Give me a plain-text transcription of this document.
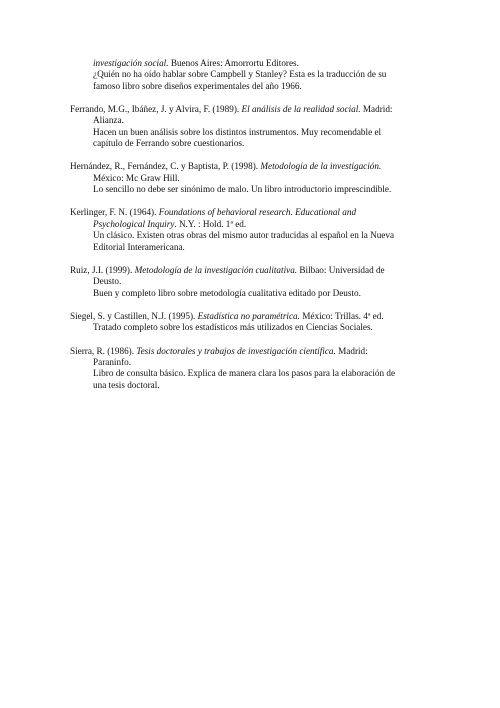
investigación social. Buenos Aires: Amorrortu Editores.
¿Quién no ha oído hablar sobre Campbell y Stanley? Esta es la traducción de su
famoso libro sobre diseños experimentales del año 1966.
Ferrando, M.G., Ibáñez, J. y Alvira, F. (1989). El análisis de la realidad social. Madrid:
Alianza.
Hacen un buen análisis sobre los distintos instrumentos. Muy recomendable el
capítulo de Ferrando sobre cuestionarios.
Hernández, R., Fernández, C. y Baptista, P. (1998). Metodología de la investigación.
México: Mc Graw Hill.
Lo sencillo no debe ser sinónimo de malo. Un libro introductorio imprescindible.
Kerlinger, F. N. (1964). Foundations of behavioral research. Educational and
Psychological Inquiry. N.Y. : Hold. 1ª ed.
Un clásico. Existen otras obras del mismo autor traducidas al español en la Nueva
Editorial Interamericana.
Ruiz, J.I. (1999). Metodología de la investigación cualitativa. Bilbao: Universidad de
Deusto.
Buen y completo libro sobre metodología cualitativa editado por Deusto.
Siegel, S. y Castillen, N.J. (1995). Estadística no paramétrica. México: Trillas. 4ª ed.
Tratado completo sobre los estadísticos más utilizados en Ciencias Sociales.
Sierra, R. (1986). Tesis doctorales y trabajos de investigación científica. Madrid:
Paraninfo.
Libro de consulta básico. Explica de manera clara los pasos para la elaboración de
una tesis doctoral.
